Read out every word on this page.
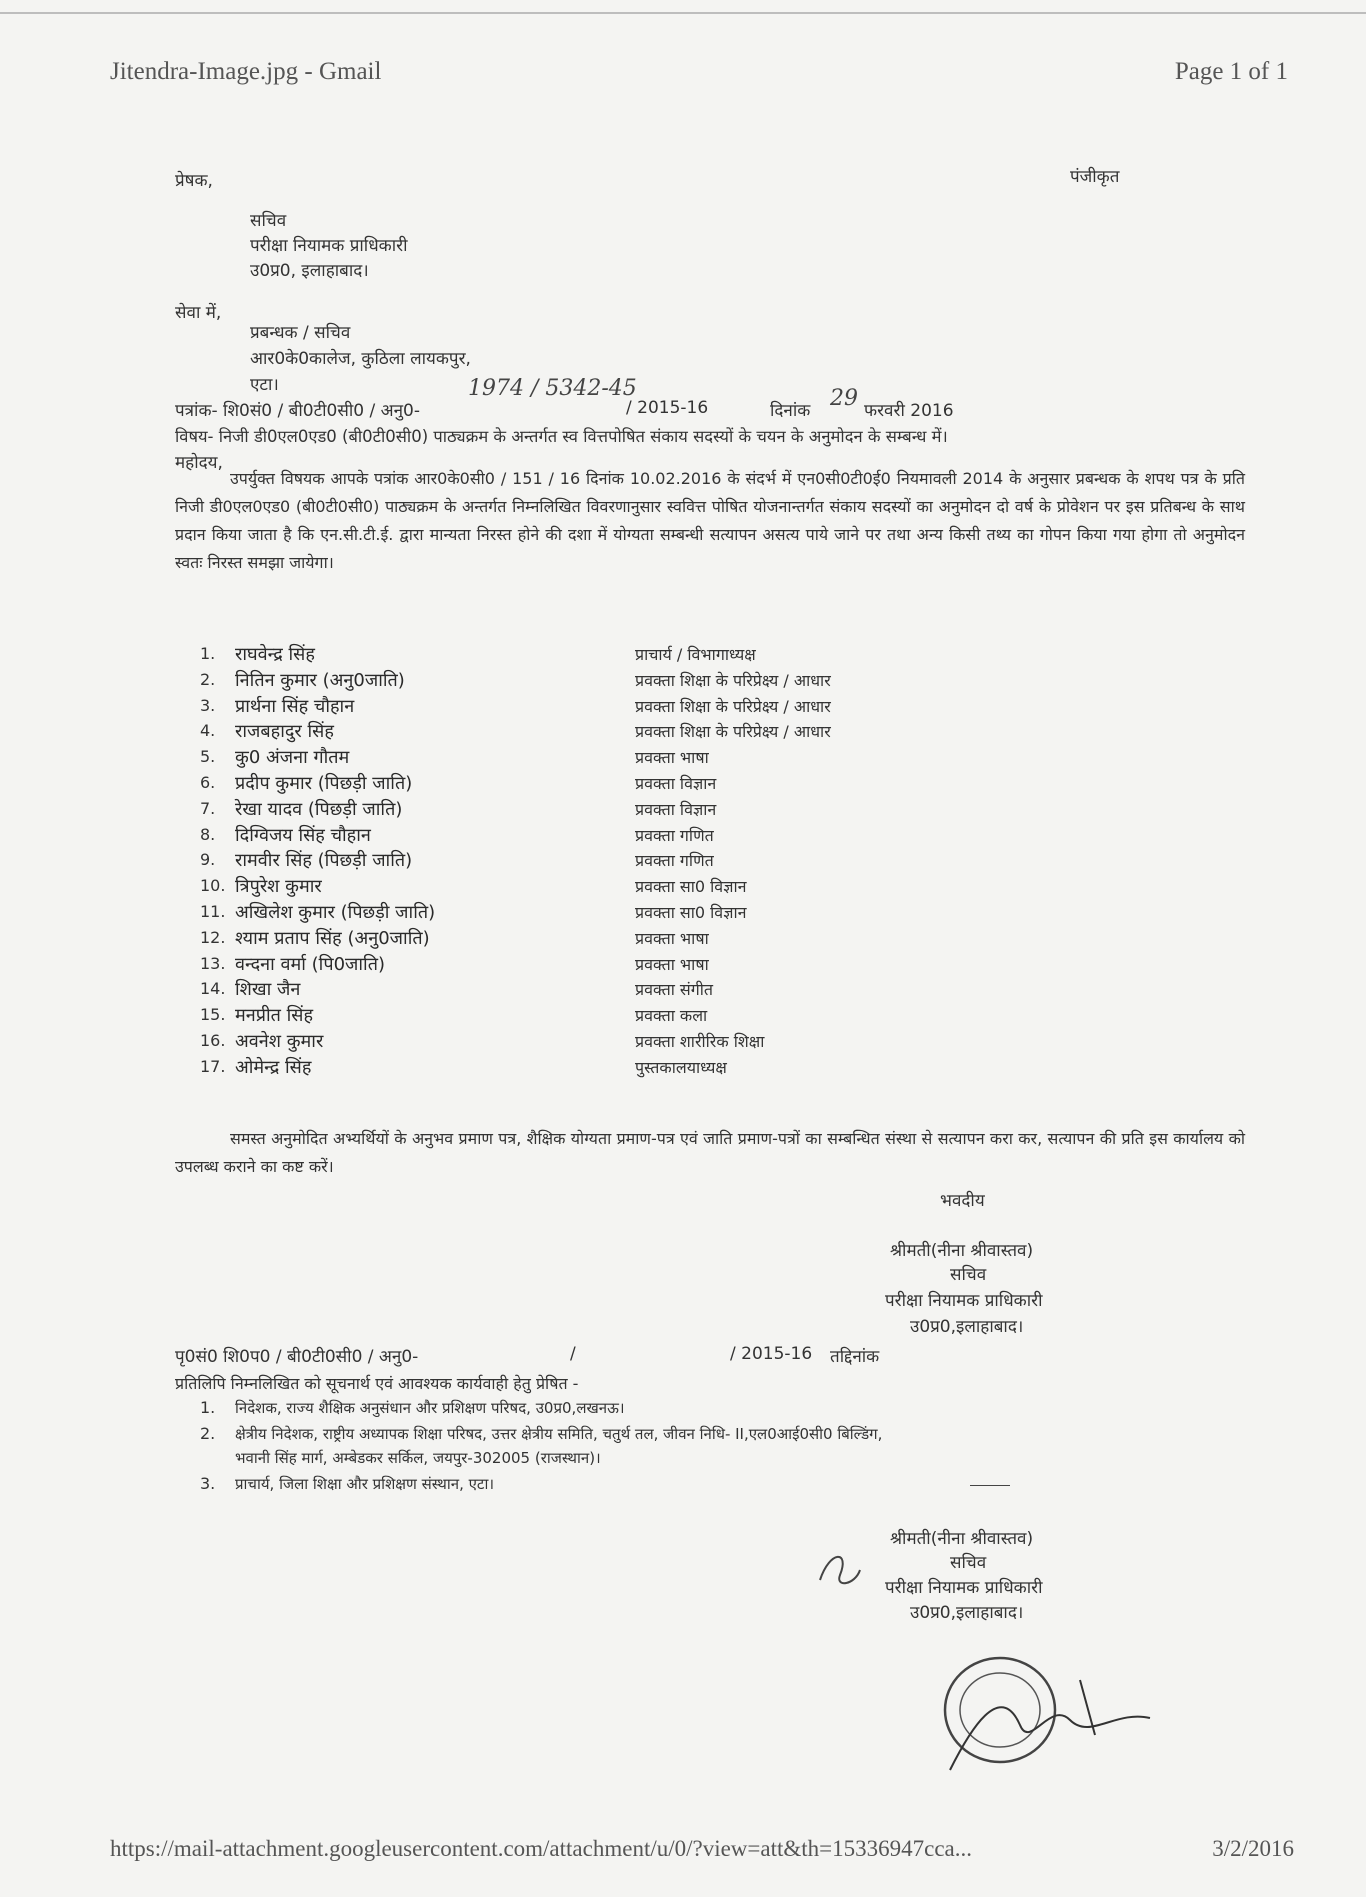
Jitendra-Image.jpg - Gmail	Page 1 of 1
प्रेषक,	पंजीकृत
सचिव
परीक्षा नियामक प्राधिकारी
उ0प्र0, इलाहाबाद।
सेवा में,
प्रबन्धक / सचिव
आर0के0कालेज, कुठिला लायकपुर,
एटा।
पत्रांक- शि0सं0 / बी0टी0सी0 / अनु0-
1974 / 5342-45
/ 2015-16	दिनांक 29 फरवरी 2016
विषय- निजी डी0एल0एड0 (बी0टी0सी0) पाठ्यक्रम के अन्तर्गत स्व वित्तपोषित संकाय सदस्यों के चयन के अनुमोदन के सम्बन्ध में।
महोदय,
उपर्युक्त विषयक आपके पत्रांक आर0के0सी0 / 151 / 16 दिनांक 10.02.2016 के संदर्भ में एन0सी0टी0ई0 नियमावली 2014 के अनुसार प्रबन्धक के शपथ पत्र के प्रति निजी डी0एल0एड0 (बी0टी0सी0) पाठ्यक्रम के अन्तर्गत निम्नलिखित विवरणानुसार स्ववित्त पोषित योजनान्तर्गत संकाय सदस्यों का अनुमोदन दो वर्ष के प्रोवेशन पर इस प्रतिबन्ध के साथ प्रदान किया जाता है कि एन.सी.टी.ई. द्वारा मान्यता निरस्त होने की दशा में योग्यता सम्बन्धी सत्यापन असत्य पाये जाने पर तथा अन्य किसी तथ्य का गोपन किया गया होगा तो अनुमोदन स्वतः निरस्त समझा जायेगा।
1. राघवेन्द्र सिंह	प्राचार्य / विभागाध्यक्ष
2. नितिन कुमार (अनु0जाति)	प्रवक्ता शिक्षा के परिप्रेक्ष्य / आधार
3. प्रार्थना सिंह चौहान	प्रवक्ता शिक्षा के परिप्रेक्ष्य / आधार
4. राजबहादुर सिंह	प्रवक्ता शिक्षा के परिप्रेक्ष्य / आधार
5. कु0 अंजना गौतम	प्रवक्ता भाषा
6. प्रदीप कुमार (पिछड़ी जाति)	प्रवक्ता विज्ञान
7. रेखा यादव (पिछड़ी जाति)	प्रवक्ता विज्ञान
8. दिग्विजय सिंह चौहान	प्रवक्ता गणित
9. रामवीर सिंह (पिछड़ी जाति)	प्रवक्ता गणित
10. त्रिपुरेश कुमार	प्रवक्ता सा0 विज्ञान
11. अखिलेश कुमार (पिछड़ी जाति)	प्रवक्ता सा0 विज्ञान
12. श्याम प्रताप सिंह (अनु0जाति)	प्रवक्ता भाषा
13. वन्दना वर्मा (पि0जाति)	प्रवक्ता भाषा
14. शिखा जैन	प्रवक्ता संगीत
15. मनप्रीत सिंह	प्रवक्ता कला
16. अवनेश कुमार	प्रवक्ता शारीरिक शिक्षा
17. ओमेन्द्र सिंह	पुस्तकालयाध्यक्ष
समस्त अनुमोदित अभ्यर्थियों के अनुभव प्रमाण पत्र, शैक्षिक योग्यता प्रमाण-पत्र एवं जाति प्रमाण-पत्रों का सम्बन्धित संस्था से सत्यापन करा कर, सत्यापन की प्रति इस कार्यालय को उपलब्ध कराने का कष्ट करें।
भवदीय
श्रीमती(नीना श्रीवास्तव)
सचिव
परीक्षा नियामक प्राधिकारी
उ0प्र0,इलाहाबाद।
पृ0सं0 शि0प0 / बी0टी0सी0 / अनु0-	/	/ 2015-16 तद्दिनांक
प्रतिलिपि निम्नलिखित को सूचनार्थ एवं आवश्यक कार्यवाही हेतु प्रेषित -
1. निदेशक, राज्य शैक्षिक अनुसंधान और प्रशिक्षण परिषद, उ0प्र0,लखनऊ।
2. क्षेत्रीय निदेशक, राष्ट्रीय अध्यापक शिक्षा परिषद, उत्तर क्षेत्रीय समिति, चतुर्थ तल, जीवन निधि- II,एल0आई0सी0 बिल्डिंग,
भवानी सिंह मार्ग, अम्बेडकर सर्किल, जयपुर-302005 (राजस्थान)।
3. प्राचार्य, जिला शिक्षा और प्रशिक्षण संस्थान, एटा।
श्रीमती(नीना श्रीवास्तव)
सचिव
परीक्षा नियामक प्राधिकारी
उ0प्र0,इलाहाबाद।
https://mail-attachment.googleusercontent.com/attachment/u/0/?view=att&th=15336947cca...	3/2/2016
